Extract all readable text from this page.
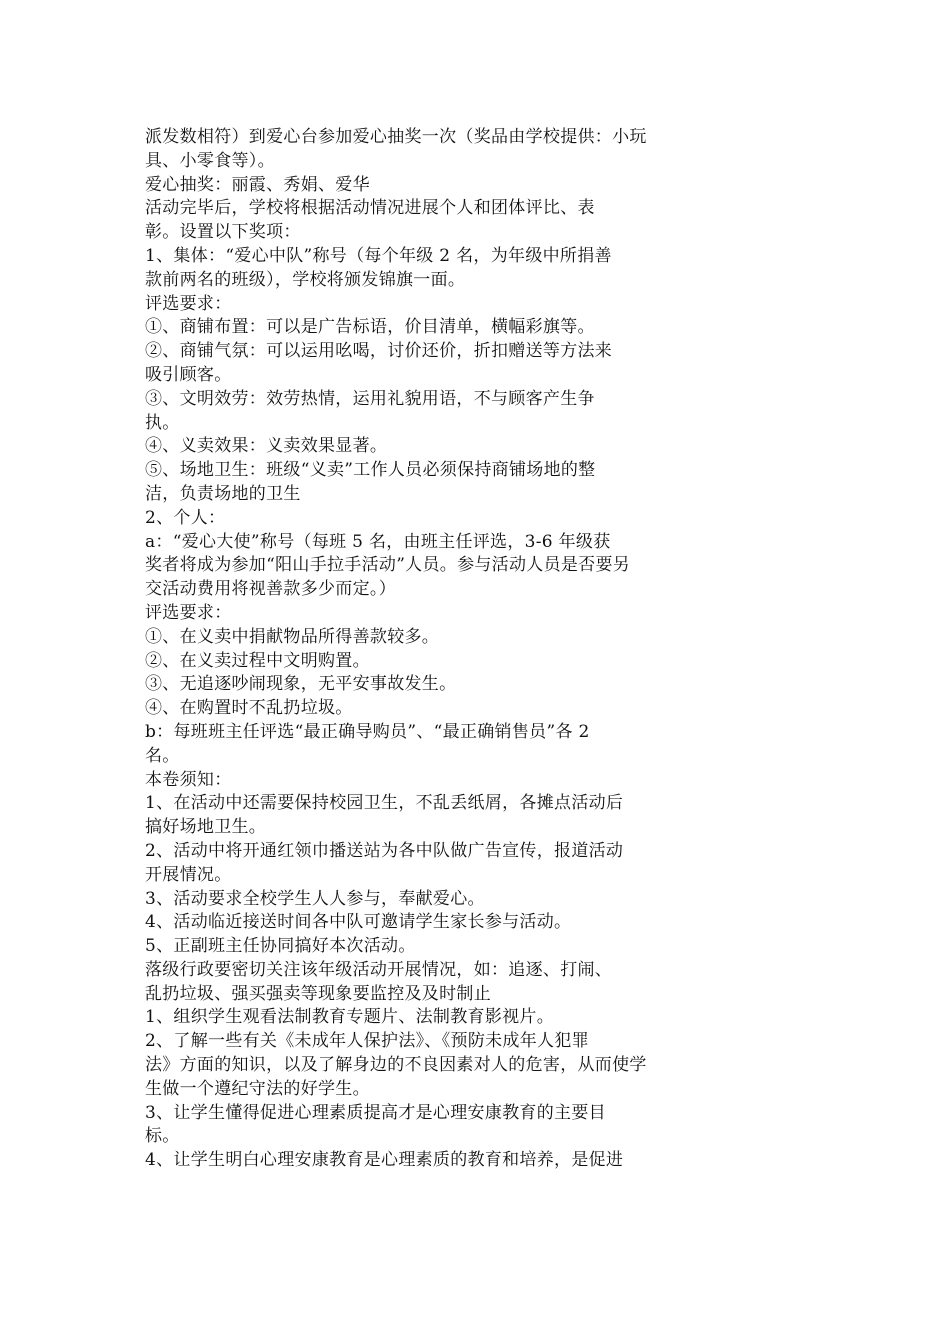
派发数相符）到爱心台参加爱心抽奖一次（奖品由学校提供：小玩
具、小零食等）。
爱心抽奖：丽霞、秀娟、爱华
活动完毕后，学校将根据活动情况进展个人和团体评比、表
彰。设置以下奖项：
1、集体：“爱心中队”称号（每个年级 2 名，为年级中所捐善
款前两名的班级），学校将颁发锦旗一面。
评选要求：
①、商铺布置：可以是广告标语，价目清单，横幅彩旗等。
②、商铺气氛：可以运用吆喝，讨价还价，折扣赠送等方法来
吸引顾客。
③、文明效劳：效劳热情，运用礼貌用语，不与顾客产生争
执。
④、义卖效果：义卖效果显著。
⑤、场地卫生：班级“义卖”工作人员必须保持商铺场地的整
洁，负责场地的卫生
2、个人：
a：“爱心大使”称号（每班 5 名，由班主任评选，3-6 年级获
奖者将成为参加“阳山手拉手活动”人员。参与活动人员是否要另
交活动费用将视善款多少而定。）
评选要求：
①、在义卖中捐献物品所得善款较多。
②、在义卖过程中文明购置。
③、无追逐吵闹现象，无平安事故发生。
④、在购置时不乱扔垃圾。
b：每班班主任评选“最正确导购员”、“最正确销售员”各 2
名。
本卷须知：
1、在活动中还需要保持校园卫生，不乱丢纸屑，各摊点活动后
搞好场地卫生。
2、活动中将开通红领巾播送站为各中队做广告宣传，报道活动
开展情况。
3、活动要求全校学生人人参与，奉献爱心。
4、活动临近接送时间各中队可邀请学生家长参与活动。
5、正副班主任协同搞好本次活动。
落级行政要密切关注该年级活动开展情况，如：追逐、打闹、
乱扔垃圾、强买强卖等现象要监控及及时制止
1、组织学生观看法制教育专题片、法制教育影视片。
2、了解一些有关《未成年人保护法》、《预防未成年人犯罪
法》方面的知识，以及了解身边的不良因素对人的危害，从而使学
生做一个遵纪守法的好学生。
3、让学生懂得促进心理素质提高才是心理安康教育的主要目
标。
4、让学生明白心理安康教育是心理素质的教育和培养，是促进
